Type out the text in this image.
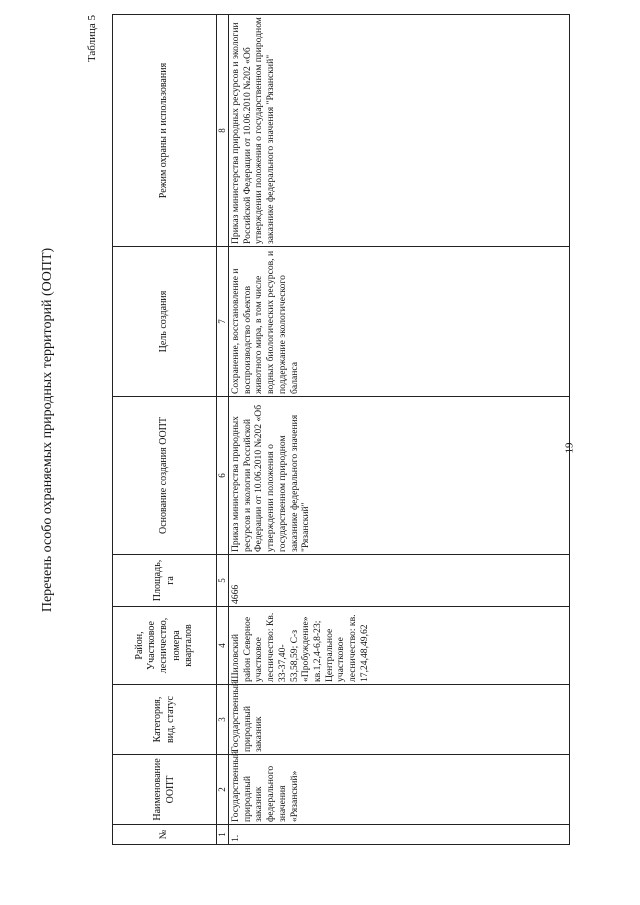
Перечень особо охраняемых природных территорий (ООПТ)
Таблица 5
№	Наименование ООПТ	Категория, вид, статус	Район, Участковое лесничество, номера кварталов	Площадь, га	Основание создания ООПТ	Цель создания	Режим охраны и использования
1	2	3	4	5	6	7	8
1.	Государственный природный заказник федерального значения «Рязанский»	Государственный природный заказник	Шиловский район Северное участковое лесничество: Кв. 33-37,40-53,58,59; С-з «Пробуждение» кв.1,2,4-6,8-23; Центральное участковое лесничество: кв. 17,24,48,49,62	4666	Приказ министерства природных ресурсов и экологии Российской Федерации от 10.06.2010 №202 «Об утверждении положения о государственном природном заказнике федерального значения "Рязанский"	Сохранение, восстановление и воспроизводство объектов животного мира, в том числе водных биологических ресурсов, и поддержание экологического баланса	Приказ министерства природных ресурсов и экологии Российской Федерации от 10.06.2010 №202 «Об утверждении положения о государственном природном заказнике федерального значения "Рязанский"
19
